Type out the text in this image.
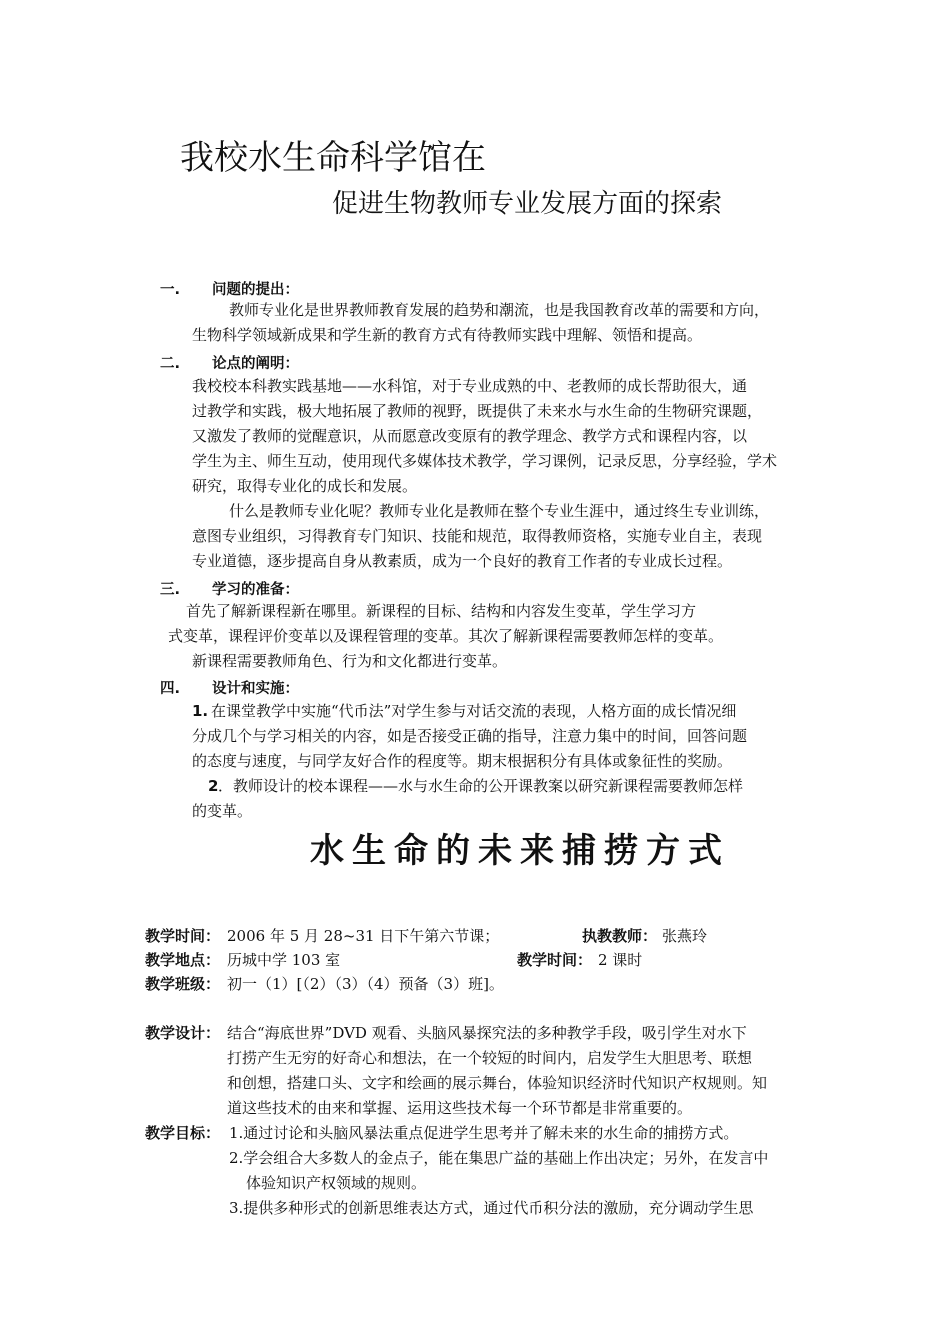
我校水生命科学馆在
促进生物教师专业发展方面的探索
一. 问题的提出：
教师专业化是世界教师教育发展的趋势和潮流，也是我国教育改革的需要和方向，
生物科学领域新成果和学生新的教育方式有待教师实践中理解、领悟和提高。
二. 论点的阐明：
我校校本科教实践基地——水科馆，对于专业成熟的中、老教师的成长帮助很大，通
过教学和实践，极大地拓展了教师的视野，既提供了未来水与水生命的生物研究课题，
又激发了教师的觉醒意识，从而愿意改变原有的教学理念、教学方式和课程内容，以
学生为主、师生互动，使用现代多媒体技术教学，学习课例，记录反思，分享经验，学术
研究，取得专业化的成长和发展。
什么是教师专业化呢？教师专业化是教师在整个专业生涯中，通过终生专业训练，
意图专业组织，习得教育专门知识、技能和规范，取得教师资格，实施专业自主，表现
专业道德，逐步提高自身从教素质，成为一个良好的教育工作者的专业成长过程。
三. 学习的准备：
首先了解新课程新在哪里。新课程的目标、结构和内容发生变革，学生学习方
式变革，课程评价变革以及课程管理的变革。其次了解新课程需要教师怎样的变革。
新课程需要教师角色、行为和文化都进行变革。
四. 设计和实施：
1. 在课堂教学中实施“代币法”对学生参与对话交流的表现，人格方面的成长情况细
分成几个与学习相关的内容，如是否接受正确的指导，注意力集中的时间，回答问题
的态度与速度，与同学友好合作的程度等。期末根据积分有具体或象征性的奖励。
2 ．教师设计的校本课程——水与水生命的公开课教案以研究新课程需要教师怎样
的变革。
水生命的未来捕捞方式
教学时间： 2006 年 5 月 28~31 日下午第六节课；	执教教师： 张燕玲
教学地点： 历城中学 103 室	教学时间： 2 课时
教学班级： 初一（1）[（2）（3）（4）预备（3）班]。
教学设计： 结合“海底世界”DVD 观看、头脑风暴探究法的多种教学手段，吸引学生对水下
打捞产生无穷的好奇心和想法，在一个较短的时间内，启发学生大胆思考、联想
和创想，搭建口头、文字和绘画的展示舞台，体验知识经济时代知识产权规则。知
道这些技术的由来和掌握、运用这些技术每一个环节都是非常重要的。
教学目标： 1.通过讨论和头脑风暴法重点促进学生思考并了解未来的水生命的捕捞方式。
2.学会组合大多数人的金点子，能在集思广益的基础上作出决定；另外，在发言中
体验知识产权领域的规则。
3.提供多种形式的创新思维表达方式，通过代币积分法的激励，充分调动学生思
